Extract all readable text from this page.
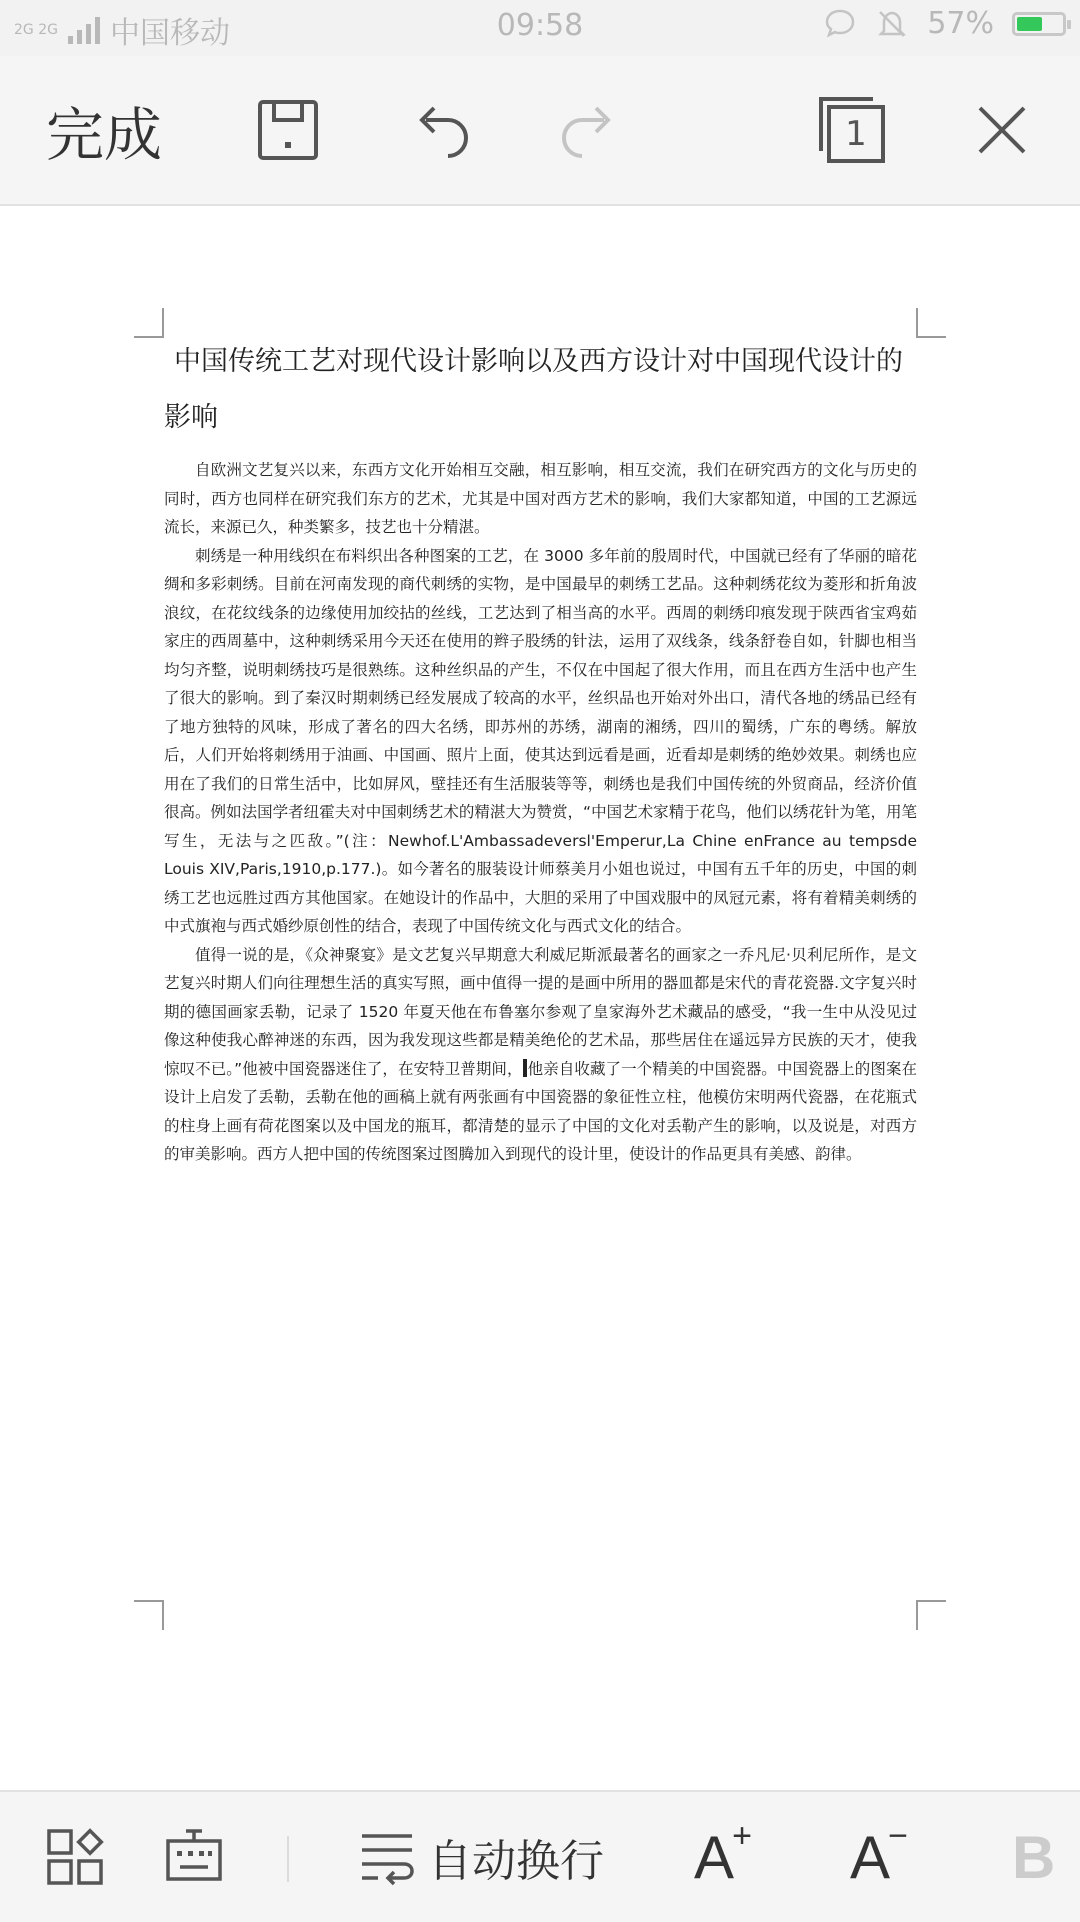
2G 2G 中国移动	09:58	57%
完成	1
中国传统工艺对现代设计影响以及西方设计对中国现代设计的影响

自欧洲文艺复兴以来，东西方文化开始相互交融，相互影响，相互交流，我们在研究西方的文化与历史的同时，西方也同样在研究我们东方的艺术，尤其是中国对西方艺术的影响，我们大家都知道，中国的工艺源远流长，来源已久，种类繁多，技艺也十分精湛。

刺绣是一种用线织在布料织出各种图案的工艺，在 3000 多年前的殷周时代，中国就已经有了华丽的暗花绸和多彩刺绣。目前在河南发现的商代刺绣的实物，是中国最早的刺绣工艺品。这种刺绣花纹为菱形和折角波浪纹，在花纹线条的边缘使用加绞拈的丝线，工艺达到了相当高的水平。西周的刺绣印痕发现于陕西省宝鸡茹家庄的西周墓中，这种刺绣采用今天还在使用的辫子股绣的针法，运用了双线条，线条舒卷自如，针脚也相当均匀齐整，说明刺绣技巧是很熟练。这种丝织品的产生，不仅在中国起了很大作用，而且在西方生活中也产生了很大的影响。到了秦汉时期刺绣已经发展成了较高的水平，丝织品也开始对外出口，清代各地的绣品已经有了地方独特的风味，形成了著名的四大名绣，即苏州的苏绣，湖南的湘绣，四川的蜀绣，广东的粤绣。解放后，人们开始将刺绣用于油画、中国画、照片上面，使其达到远看是画，近看却是刺绣的绝妙效果。刺绣也应用在了我们的日常生活中，比如屏风，壁挂还有生活服装等等，刺绣也是我们中国传统的外贸商品，经济价值很高。例如法国学者纽霍夫对中国刺绣艺术的精湛大为赞赏，“中国艺术家精于花鸟，他们以绣花针为笔，用笔写生，无法与之匹敌。”(注：Newhof.L'Ambassadeversl'Emperur,La Chine enFrance au tempsde Louis XIV,Paris,1910,p.177.)。如今著名的服装设计师蔡美月小姐也说过，中国有五千年的历史，中国的刺绣工艺也远胜过西方其他国家。在她设计的作品中，大胆的采用了中国戏服中的凤冠元素，将有着精美刺绣的中式旗袍与西式婚纱原创性的结合，表现了中国传统文化与西式文化的结合。

值得一说的是，《众神聚宴》是文艺复兴早期意大利威尼斯派最著名的画家之一乔凡尼·贝利尼所作，是文艺复兴时期人们向往理想生活的真实写照，画中值得一提的是画中所用的器皿都是宋代的青花瓷器.文字复兴时期的德国画家丢勒，记录了 1520 年夏天他在布鲁塞尔参观了皇家海外艺术藏品的感受，“我一生中从没见过像这种使我心醉神迷的东西，因为我发现这些都是精美绝伦的艺术品，那些居住在遥远异方民族的天才，使我惊叹不已。”他被中国瓷器迷住了，在安特卫普期间， 他亲自收藏了一个精美的中国瓷器。中国瓷器上的图案在设计上启发了丢勒，丢勒在他的画稿上就有两张画有中国瓷器的象征性立柱，他模仿宋明两代瓷器，在花瓶式的柱身上画有荷花图案以及中国龙的瓶耳，都清楚的显示了中国的文化对丢勒产生的影响，以及说是，对西方的审美影响。西方人把中国的传统图案过图腾加入到现代的设计里，使设计的作品更具有美感、韵律。

自动换行 A
+ A
− B
